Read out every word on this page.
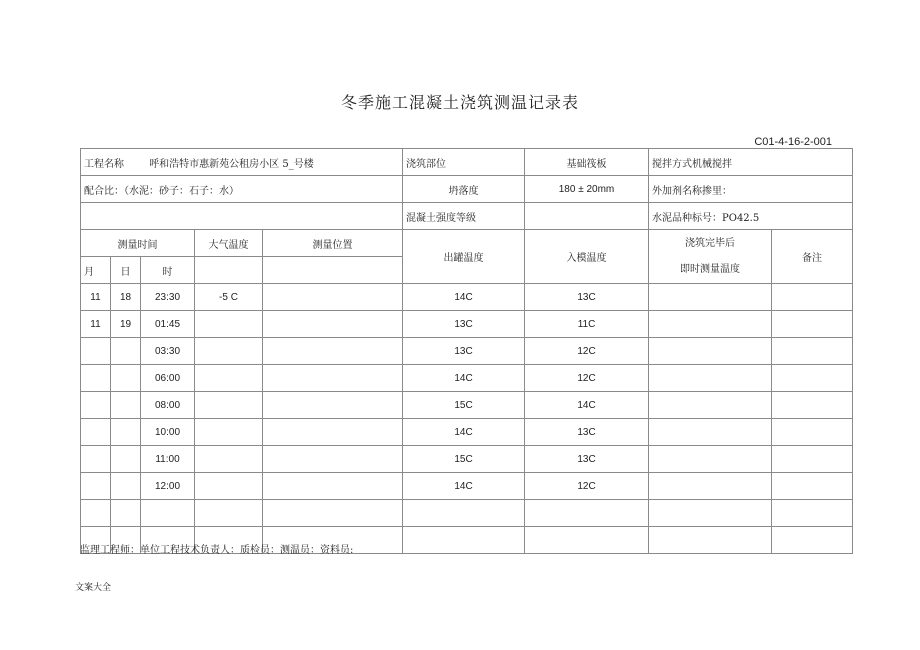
冬季施工混凝土浇筑测温记录表
C01-4-16-2-001
工程名称 呼和浩特市惠新苑公租房小区 5_号楼					浇筑部位	基础筏板	搅拌方式机械搅拌	
配合比：（水泥：砂子：石子：水）					坍落度	180 ± 20mm	外加剂名称掺里：	
					混凝土强度等级		水泥品种标号：PO42.5	
测量时间			大气温度	测量位置	出罐温度	入模温度	浇筑完毕后
即时测量温度	备注
月	日	时						
11	18	23:30	-5 C		14C	13C		
11	19	01:45			13C	11C		
		03:30			13C	12C		
		06:00			14C	12C		
		08:00			15C	14C		
		10:00			14C	13C		
		11:00			15C	13C		
		12:00			14C	12C		

监理工程师：单位工程技术负责人：质检员：测温员：资料员:
文案大全
